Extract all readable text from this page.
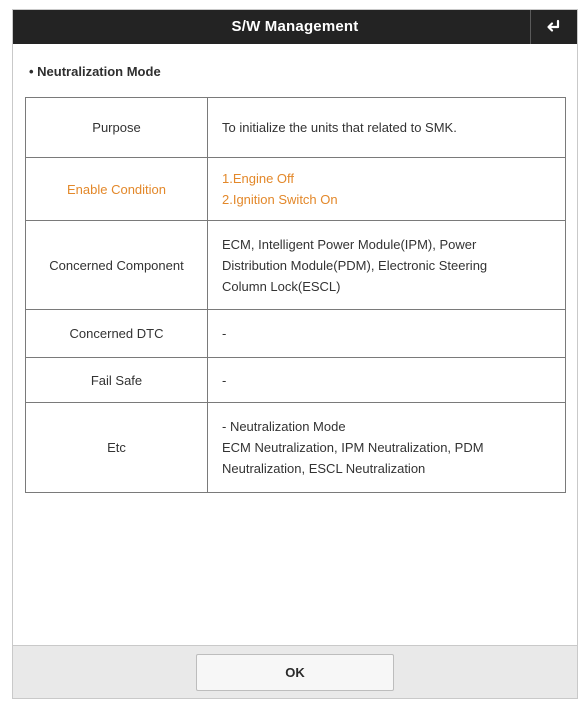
S/W Management
• Neutralization Mode
Purpose	To initialize the units that related to SMK.

Enable Condition	1.Engine Off
2.Ignition Switch On

Concerned Component	ECM, Intelligent Power Module(IPM), Power
Distribution Module(PDM), Electronic Steering
Column Lock(ESCL)

Concerned DTC	-

Fail Safe	-

Etc	- Neutralization Mode
ECM Neutralization, IPM Neutralization, PDM
Neutralization, ESCL Neutralization
OK
